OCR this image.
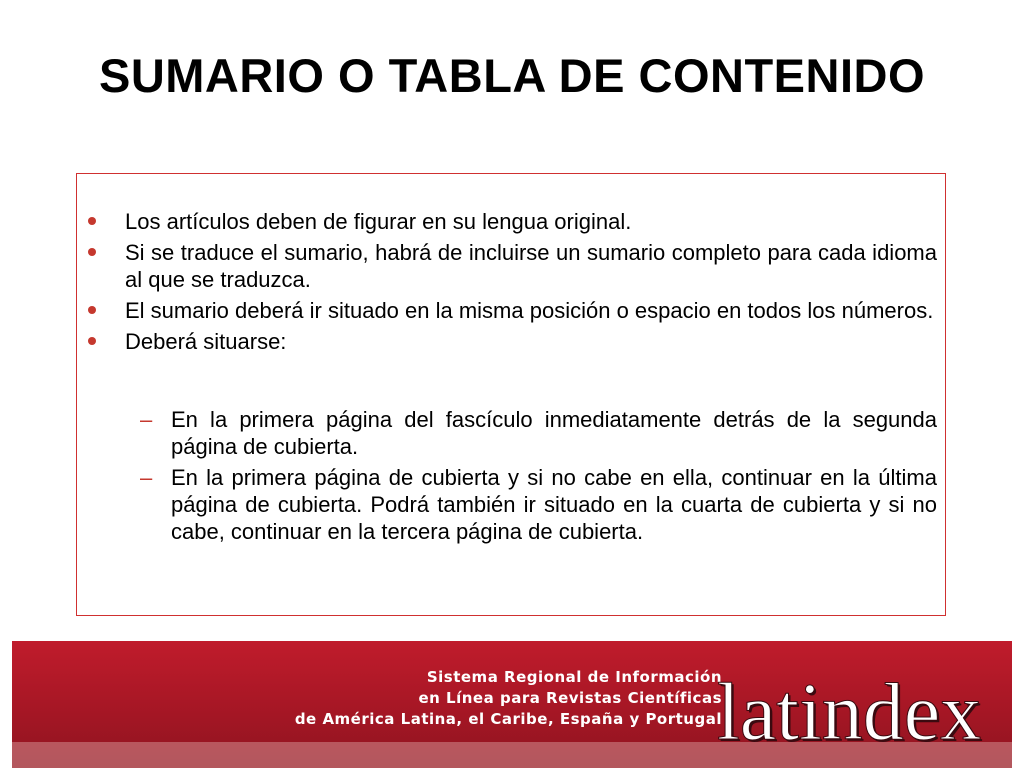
SUMARIO O TABLA DE CONTENIDO
Los artículos deben de figurar en su lengua original.
Si se traduce el sumario, habrá de incluirse un sumario completo para cada idioma al que se traduzca.
El sumario deberá ir situado en la misma posición o espacio en todos los números.
Deberá situarse:
– En la primera página del fascículo inmediatamente detrás de la segunda página de cubierta.
– En la primera página de cubierta y si no cabe en ella, continuar en la última página de cubierta. Podrá también ir situado en la cuarta de cubierta y si no cabe, continuar en la tercera página de cubierta.
Sistema Regional de Información
en Línea para Revistas Científicas
de América Latina, el Caribe, España y Portugal
latindex
